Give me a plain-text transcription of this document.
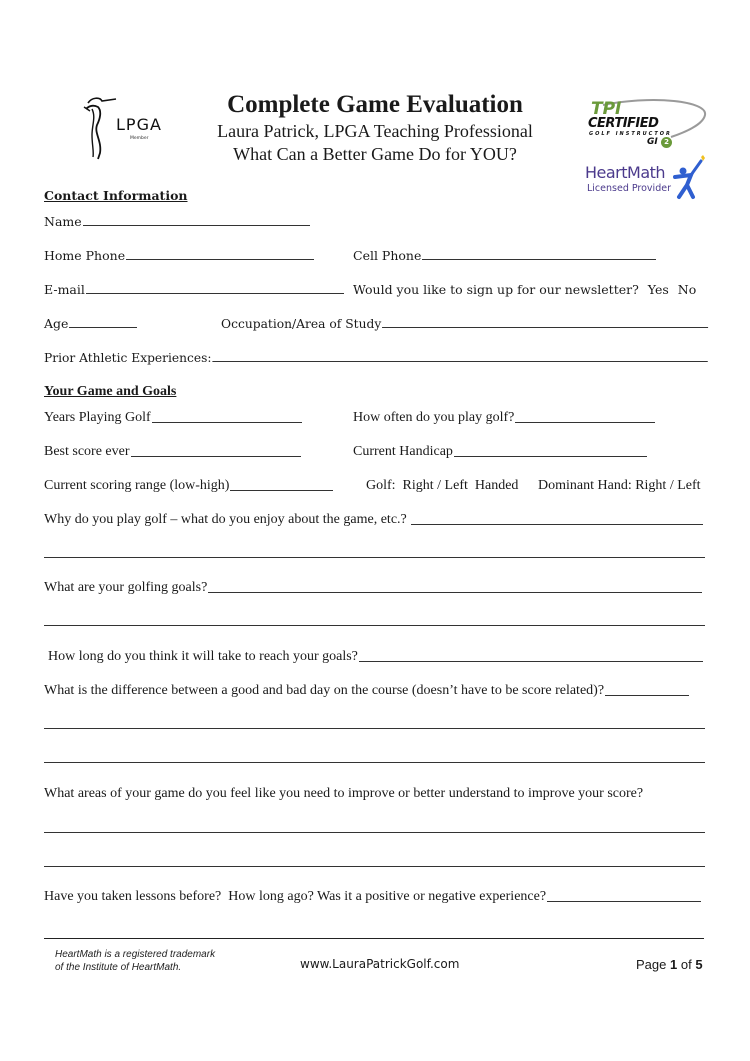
LPGA
Member
Complete Game Evaluation
Laura Patrick, LPGA Teaching Professional
What Can a Better Game Do for YOU?
TPI
CERTIFIED
GOLF INSTRUCTOR
GI 2
HeartMath
Licensed Provider
Contact Information
Name
Home Phone	Cell Phone
E-mail	Would you like to sign up for our newsletter? Yes No
Age	Occupation/Area of Study
Prior Athletic Experiences:
Your Game and Goals
Years Playing Golf	How often do you play golf?
Best score ever	Current Handicap
Current scoring range (low-high)	Golf:  Right / Left  Handed Dominant Hand: Right / Left
Why do you play golf – what do you enjoy about the game, etc.?
What are your golfing goals?
How long do you think it will take to reach your goals?
What is the difference between a good and bad day on the course (doesn’t have to be score related)?
What areas of your game do you feel like you need to improve or better understand to improve your score?
Have you taken lessons before?  How long ago? Was it a positive or negative experience?
HeartMath is a registered trademark
of the Institute of HeartMath.	www.LauraPatrickGolf.com	Page 1 of 5
